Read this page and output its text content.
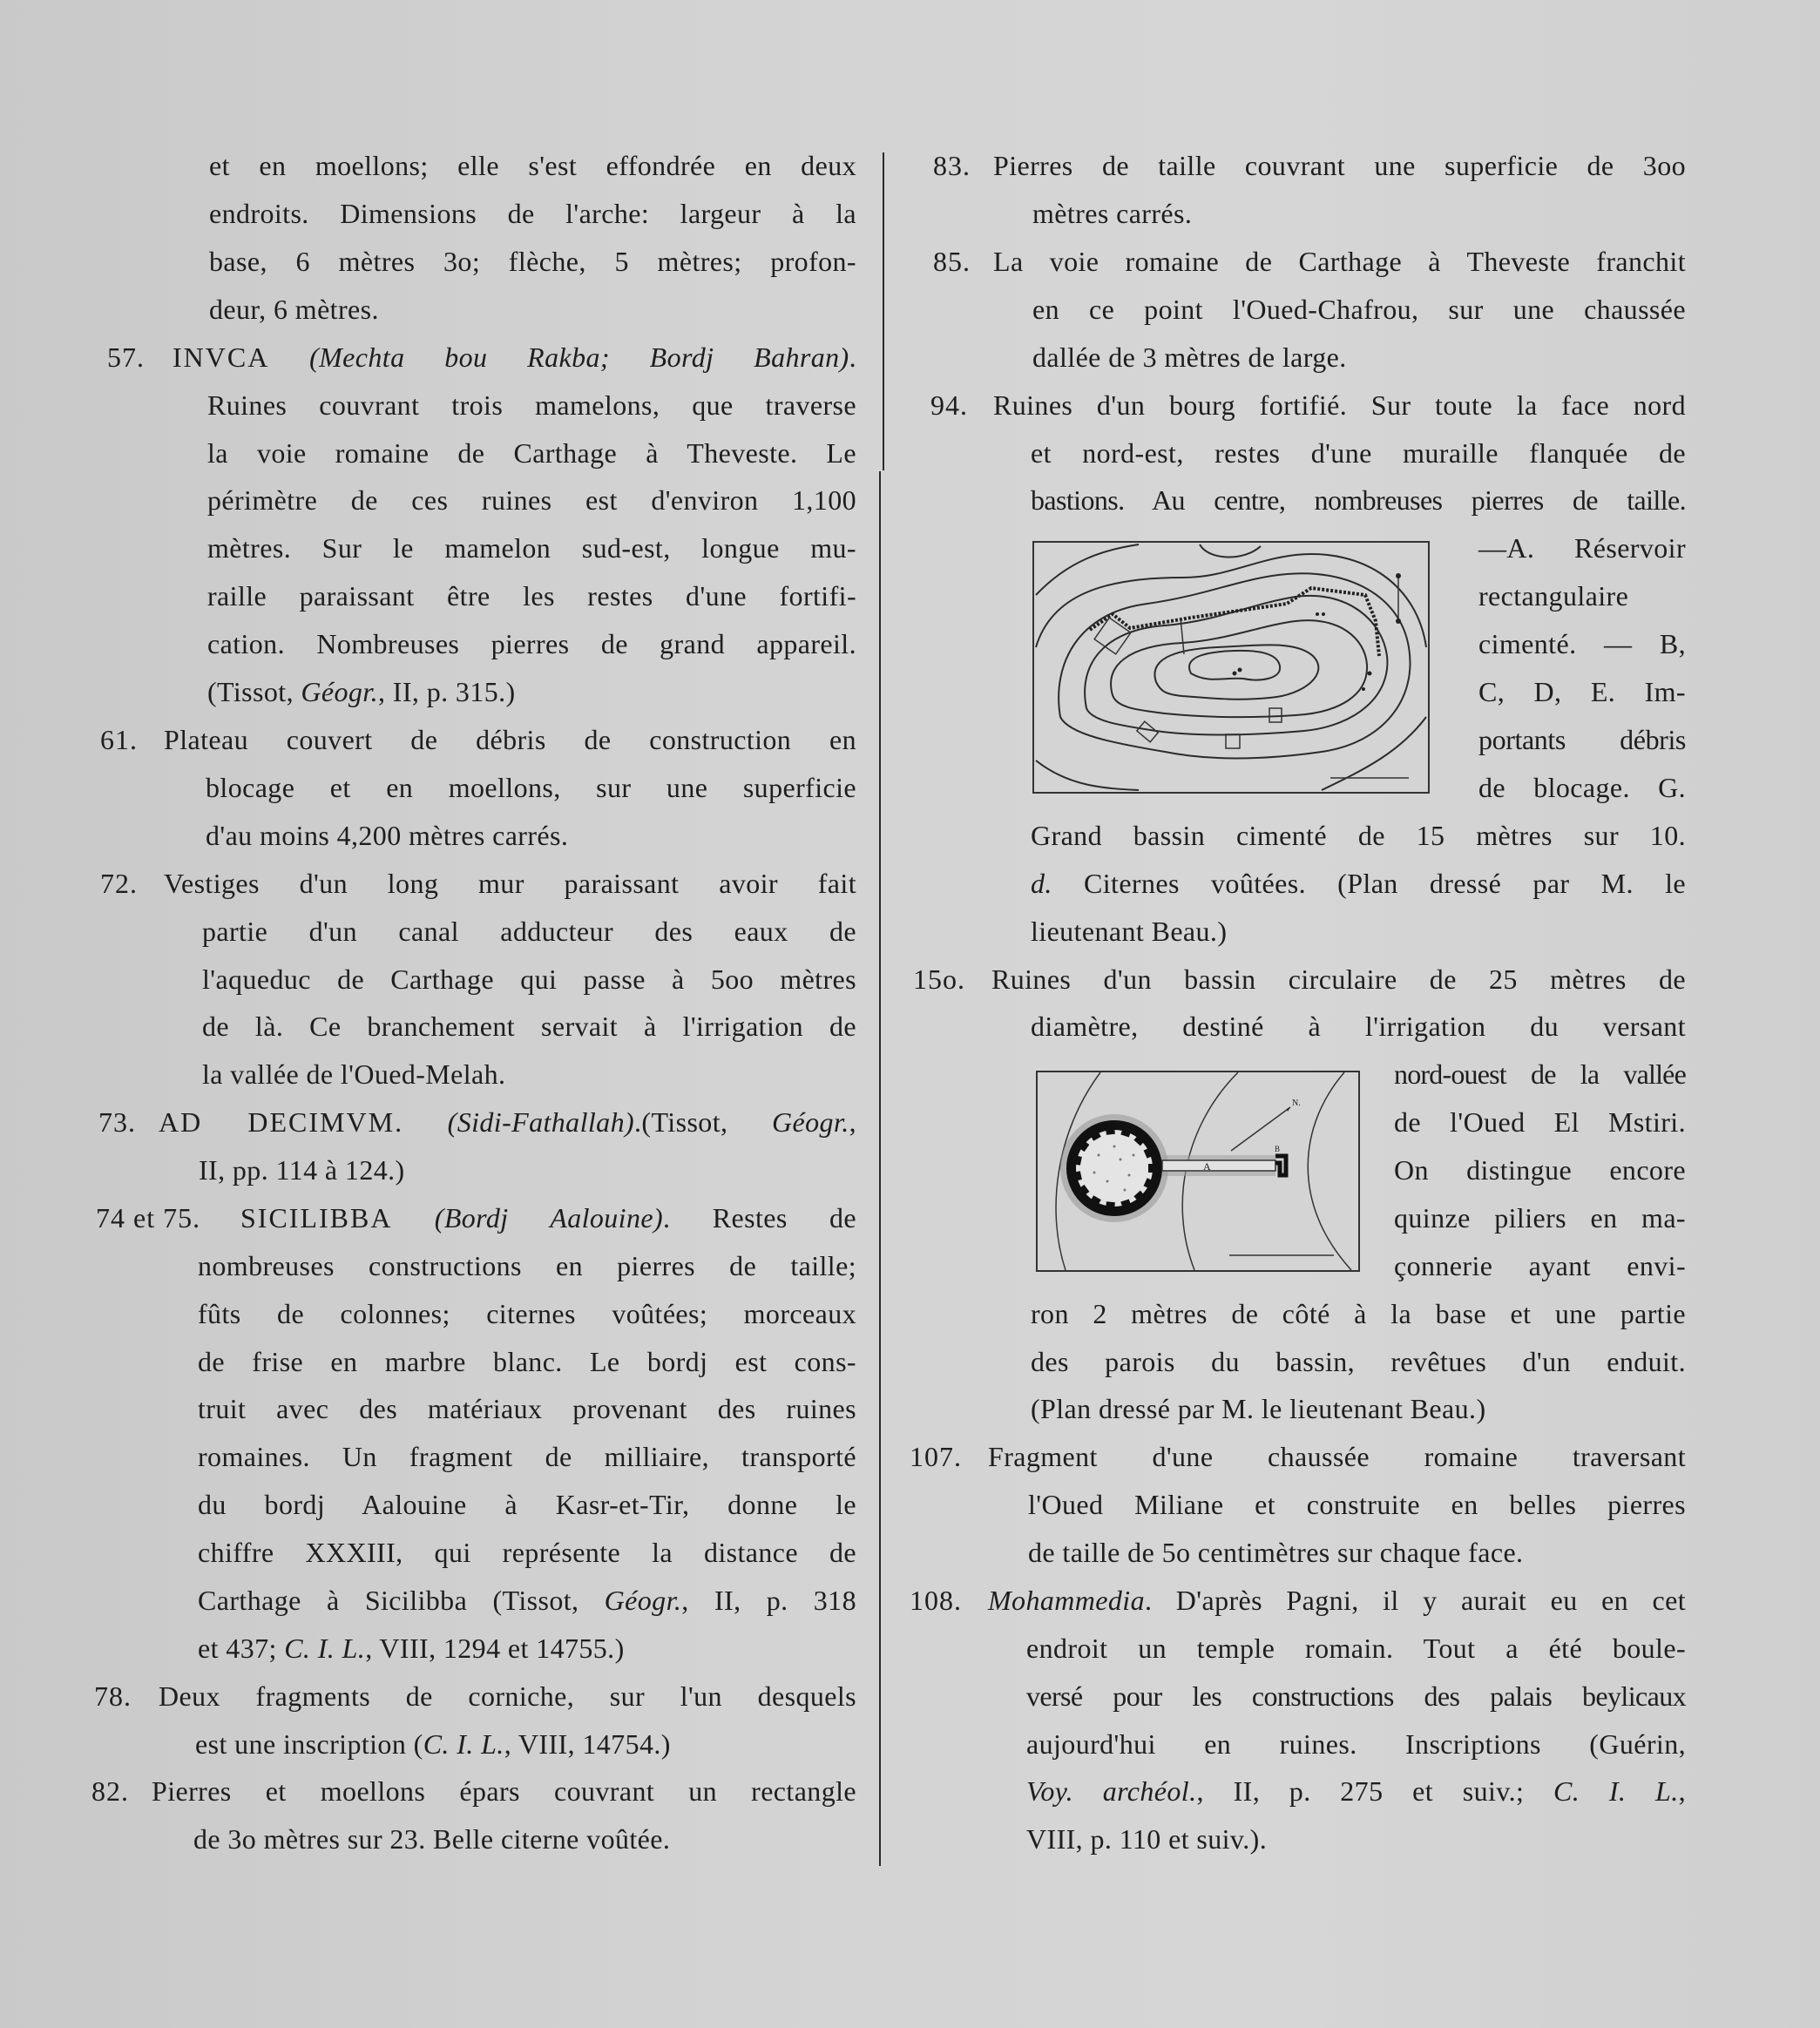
et en moellons; elle s'est effondrée en deux
endroits. Dimensions de l'arche: largeur à la
base, 6 mètres 3o; flèche, 5 mètres; profon-
deur, 6 mètres.
57. INVCA (Mechta bou Rakba; Bordj Bahran).
Ruines couvrant trois mamelons, que traverse
la voie romaine de Carthage à Theveste. Le
périmètre de ces ruines est d'environ 1,100
mètres. Sur le mamelon sud-est, longue mu-
raille paraissant être les restes d'une fortifi-
cation. Nombreuses pierres de grand appareil.
(Tissot, Géogr., II, p. 315.)
61. Plateau couvert de débris de construction en
blocage et en moellons, sur une superficie
d'au moins 4,200 mètres carrés.
72. Vestiges d'un long mur paraissant avoir fait
partie d'un canal adducteur des eaux de
l'aqueduc de Carthage qui passe à 5oo mètres
de là. Ce branchement servait à l'irrigation de
la vallée de l'Oued-Melah.
73. AD DECIMVM. (Sidi-Fathallah).(Tissot, Géogr.,
II, pp. 114 à 124.)
74 et 75. SICILIBBA (Bordj Aalouine). Restes de
nombreuses constructions en pierres de taille;
fûts de colonnes; citernes voûtées; morceaux
de frise en marbre blanc. Le bordj est cons-
truit avec des matériaux provenant des ruines
romaines. Un fragment de milliaire, transporté
du bordj Aalouine à Kasr-et-Tir, donne le
chiffre XXXIII, qui représente la distance de
Carthage à Sicilibba (Tissot, Géogr., II, p. 318
et 437; C. I. L., VIII, 1294 et 14755.)
78. Deux fragments de corniche, sur l'un desquels
est une inscription (C. I. L., VIII, 14754.)
82. Pierres et moellons épars couvrant un rectangle
de 3o mètres sur 23. Belle citerne voûtée.
83. Pierres de taille couvrant une superficie de 3oo
mètres carrés.
85. La voie romaine de Carthage à Theveste franchit
en ce point l'Oued-Chafrou, sur une chaussée
dallée de 3 mètres de large.
94. Ruines d'un bourg fortifié. Sur toute la face nord
et nord-est, restes d'une muraille flanquée de
bastions. Au centre, nombreuses pierres de taille.
—A. Réservoir
rectangulaire
cimenté. — B,
C, D, E. Im-
portants débris
de blocage. G.
Grand bassin cimenté de 15 mètres sur 10.
d. Citernes voûtées. (Plan dressé par M. le
lieutenant Beau.)
15o. Ruines d'un bassin circulaire de 25 mètres de
diamètre, destiné à l'irrigation du versant
A
B
N.
nord-ouest de la vallée
de l'Oued El Mstiri.
On distingue encore
quinze piliers en ma-
çonnerie ayant envi-
ron 2 mètres de côté à la base et une partie
des parois du bassin, revêtues d'un enduit.
(Plan dressé par M. le lieutenant Beau.)
107. Fragment d'une chaussée romaine traversant
l'Oued Miliane et construite en belles pierres
de taille de 5o centimètres sur chaque face.
108. Mohammedia. D'après Pagni, il y aurait eu en cet
endroit un temple romain. Tout a été boule-
versé pour les constructions des palais beylicaux
aujourd'hui en ruines. Inscriptions (Guérin,
Voy. archéol., II, p. 275 et suiv.; C. I. L.,
VIII, p. 110 et suiv.).
